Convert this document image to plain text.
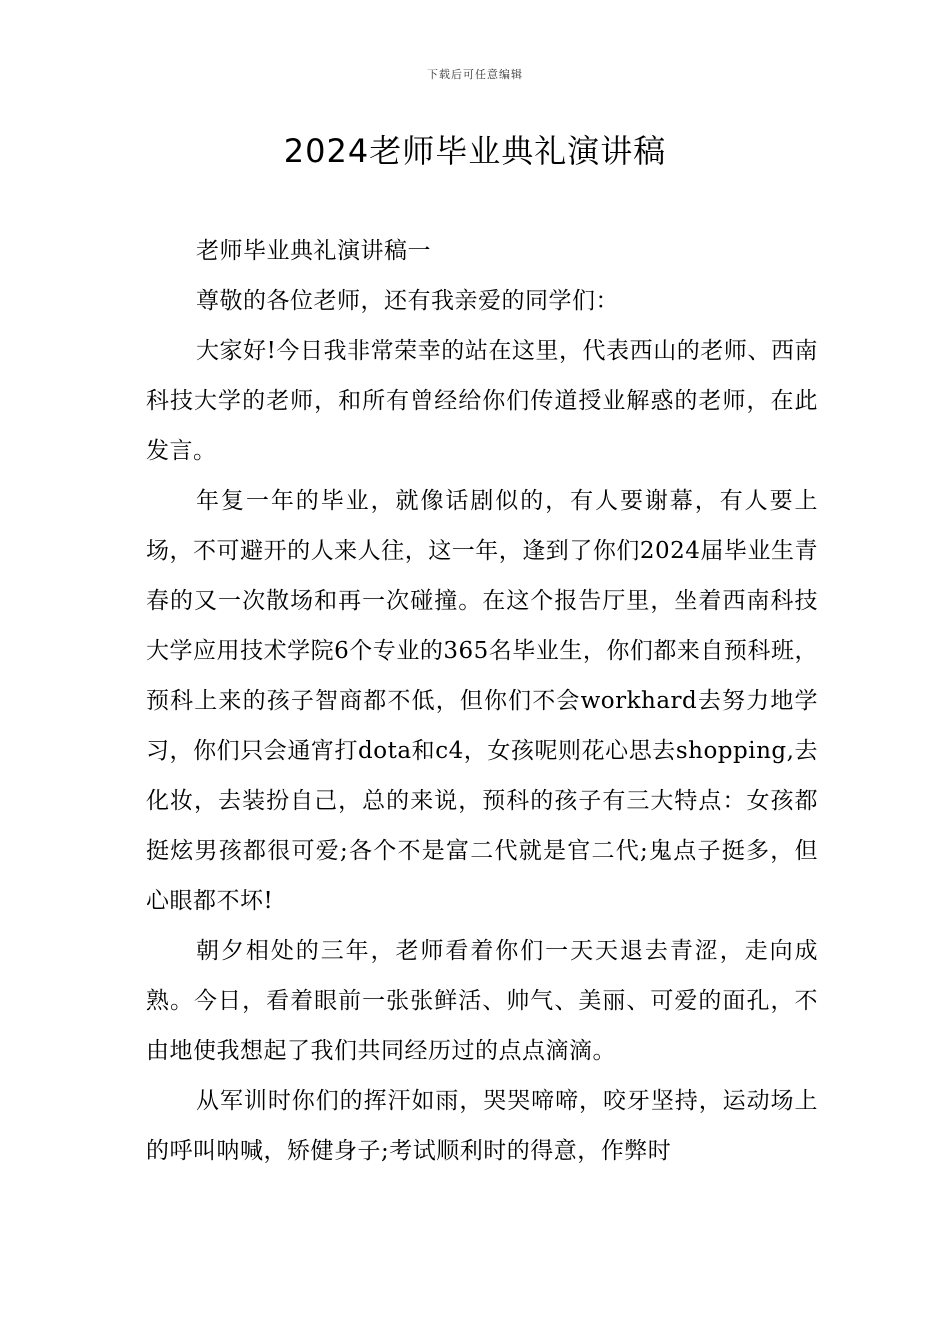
下载后可任意编辑
2024老师毕业典礼演讲稿

老师毕业典礼演讲稿一

尊敬的各位老师，还有我亲爱的同学们：

大家好!今日我非常荣幸的站在这里，代表西山的老师、西南科技大学的老师，和所有曾经给你们传道授业解惑的老师，在此发言。

年复一年的毕业，就像话剧似的，有人要谢幕，有人要上场，不可避开的人来人往，这一年，逢到了你们2024届毕业生青春的又一次散场和再一次碰撞。在这个报告厅里，坐着西南科技大学应用技术学院6个专业的365名毕业生，你们都来自预科班，预科上来的孩子智商都不低，但你们不会workhard去努力地学习，你们只会通宵打dota和c4，女孩呢则花心思去shopping,去化妆，去装扮自己，总的来说，预科的孩子有三大特点：女孩都挺炫男孩都很可爱;各个不是富二代就是官二代;鬼点子挺多，但心眼都不坏!

朝夕相处的三年，老师看着你们一天天退去青涩，走向成熟。今日，看着眼前一张张鲜活、帅气、美丽、可爱的面孔，不由地使我想起了我们共同经历过的点点滴滴。

从军训时你们的挥汗如雨，哭哭啼啼，咬牙坚持，运动场上的呼叫呐喊，矫健身子;考试顺利时的得意，作弊时
